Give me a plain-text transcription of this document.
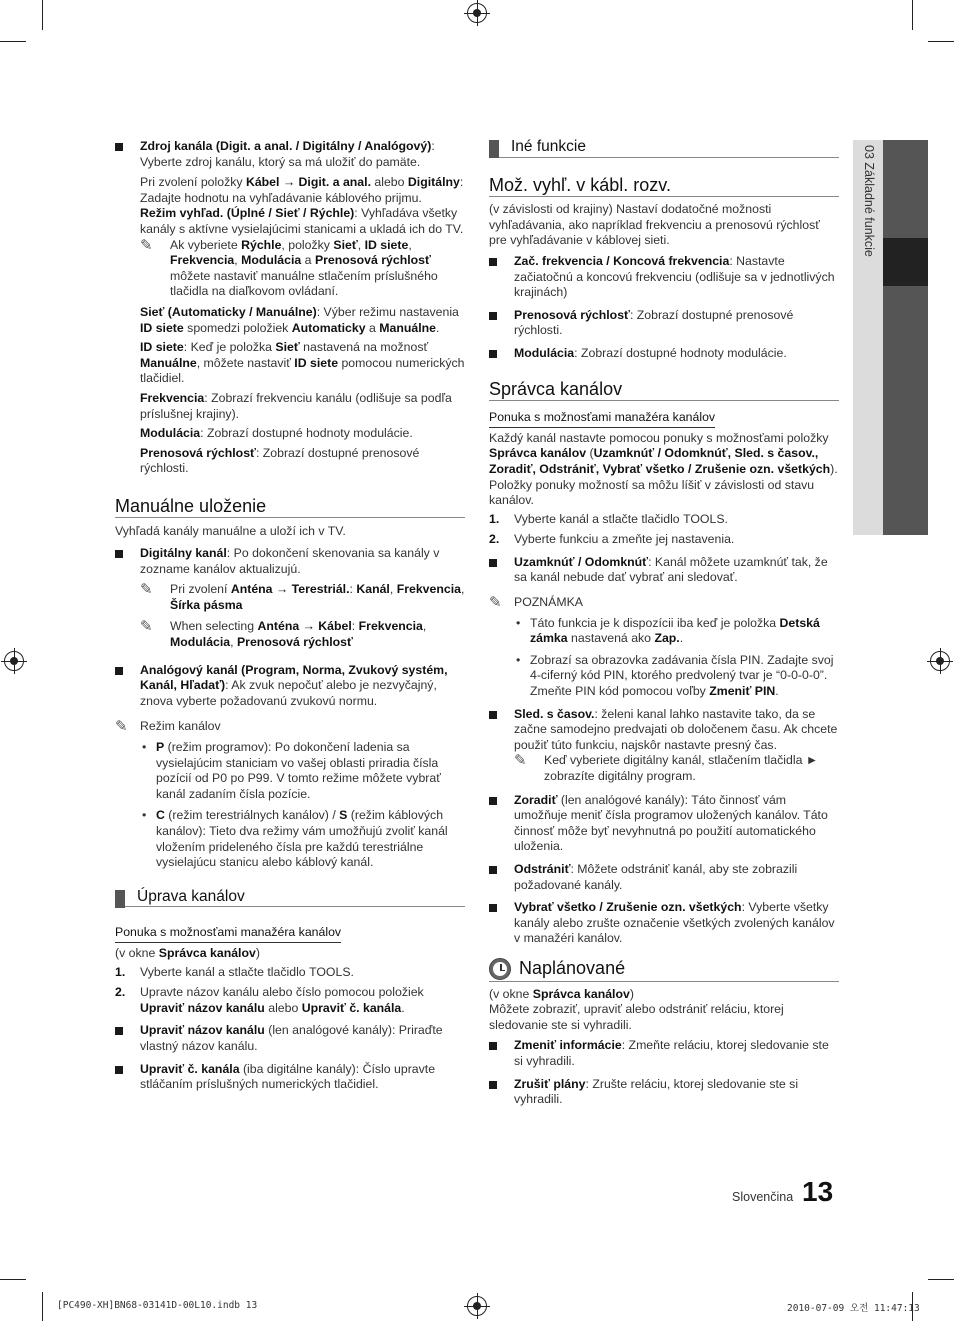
03 Základné funkcie
Zdroj kanála (Digit. a anal. / Digitálny / Analógový): Vyberte zdroj kanálu, ktorý sa má uložiť do pamäte.

Pri zvolení položky Kábel → Digit. a anal. alebo Digitálny: Zadajte hodnotu na vyhľadávanie káblového prijmu.

Režim vyhľad. (Úplné / Sieť / Rýchle): Vyhľadáva všetky kanály s aktívne vysielajúcimi stanicami a ukladá ich do TV.

✎ Ak vyberiete Rýchle, položky Sieť, ID siete, Frekvencia, Modulácia a Prenosová rýchlosť môžete nastaviť manuálne stlačením príslušného tlačidla na diaľkovom ovládaní.

Sieť (Automaticky / Manuálne): Výber režimu nastavenia ID siete spomedzi položiek Automaticky a Manuálne.

ID siete: Keď je položka Sieť nastavená na možnosť Manuálne, môžete nastaviť ID siete pomocou numerických tlačidiel.

Frekvencia: Zobrazí frekvenciu kanálu (odlišuje sa podľa príslušnej krajiny).

Modulácia: Zobrazí dostupné hodnoty modulácie.

Prenosová rýchlosť: Zobrazí dostupné prenosové rýchlosti.

Manuálne uloženie

Vyhľadá kanály manuálne a uloží ich v TV.

Digitálny kanál: Po dokončení skenovania sa kanály v zozname kanálov aktualizujú.
✎ Pri zvolení Anténa → Terestriál.: Kanál, Frekvencia, Šírka pásma
✎ When selecting Anténa → Kábel: Frekvencia, Modulácia, Prenosová rýchlosť
Analógový kanál (Program, Norma, Zvukový systém, Kanál, Hľadať): Ak zvuk nepočuť alebo je nezvyčajný, znova vyberte požadovanú zvukovú normu.
✎ Režim kanálov
• P (režim programov): Po dokončení ladenia sa vysielajúcim staniciam vo vašej oblasti priradia čísla pozícií od P0 po P99. V tomto režime môžete vybrať kanál zadaním čísla pozície.
• C (režim terestriálnych kanálov) / S (režim káblových kanálov): Tieto dva režimy vám umožňujú zvoliť kanál vložením prideleného čísla pre každú terestriálne vysielajúcu stanicu alebo káblový kanál.
Úprava kanálov
Ponuka s možnosťami manažéra kanálov

(v okne Správca kanálov)

1. Vyberte kanál a stlačte tlačidlo TOOLS.
2. Upravte názov kanálu alebo číslo pomocou položiek Upraviť názov kanálu alebo Upraviť č. kanála.
Upraviť názov kanálu (len analógové kanály): Priraďte vlastný názov kanálu.
Upraviť č. kanála (iba digitálne kanály): Číslo upravte stláčaním príslušných numerických tlačidiel.
Iné funkcie
Mož. vyhľ. v kábl. rozv.

(v závislosti od krajiny) Nastaví dodatočné možnosti vyhľadávania, ako napríklad frekvenciu a prenosovú rýchlosť pre vyhľadávanie v káblovej sieti.

Zač. frekvencia / Koncová frekvencia: Nastavte začiatočnú a koncovú frekvenciu (odlišuje sa v jednotlivých krajinách)
Prenosová rýchlosť: Zobrazí dostupné prenosové rýchlosti.
Modulácia: Zobrazí dostupné hodnoty modulácie.
Správca kanálov
Ponuka s možnosťami manažéra kanálov

Každý kanál nastavte pomocou ponuky s možnosťami položky Správca kanálov (Uzamknúť / Odomknúť, Sled. s časov., Zoradiť, Odstrániť, Vybrať všetko / Zrušenie ozn. všetkých). Položky ponuky možností sa môžu líšiť v závislosti od stavu kanálov.

1. Vyberte kanál a stlačte tlačidlo TOOLS.
2. Vyberte funkciu a zmeňte jej nastavenia.
Uzamknúť / Odomknúť: Kanál môžete uzamknúť tak, že sa kanál nebude dať vybrať ani sledovať.
✎ POZNÁMKA
• Táto funkcia je k dispozícii iba keď je položka Detská zámka nastavená ako Zap..
• Zobrazí sa obrazovka zadávania čísla PIN. Zadajte svoj 4-ciferný kód PIN, ktorého predvolený tvar je “0-0-0-0”. Zmeňte PIN kód pomocou voľby Zmeniť PIN.
Sled. s časov.: želeni kanal lahko nastavite tako, da se začne samodejno predvajati ob določenem času. Ak chcete použiť túto funkciu, najskôr nastavte presný čas.
✎ Keď vyberiete digitálny kanál, stlačením tlačidla ► zobrazíte digitálny program.
Zoradiť (len analógové kanály): Táto činnosť vám umožňuje meniť čísla programov uložených kanálov. Táto činnosť môže byť nevyhnutná po použití automatického uloženia.
Odstrániť: Môžete odstrániť kanál, aby ste zobrazili požadované kanály.
Vybrať všetko / Zrušenie ozn. všetkých: Vyberte všetky kanály alebo zrušte označenie všetkých zvolených kanálov v manažéri kanálov.
Naplánované

(v okne Správca kanálov)

Môžete zobraziť, upraviť alebo odstrániť reláciu, ktorej sledovanie ste si vyhradili.

Zmeniť informácie: Zmeňte reláciu, ktorej sledovanie ste si vyhradili.
Zrušiť plány: Zrušte reláciu, ktorej sledovanie ste si vyhradili.
Slovenčina 13
[PC490-XH]BN68-03141D-00L10.indb 13	2010-07-09 오전 11:47:13
